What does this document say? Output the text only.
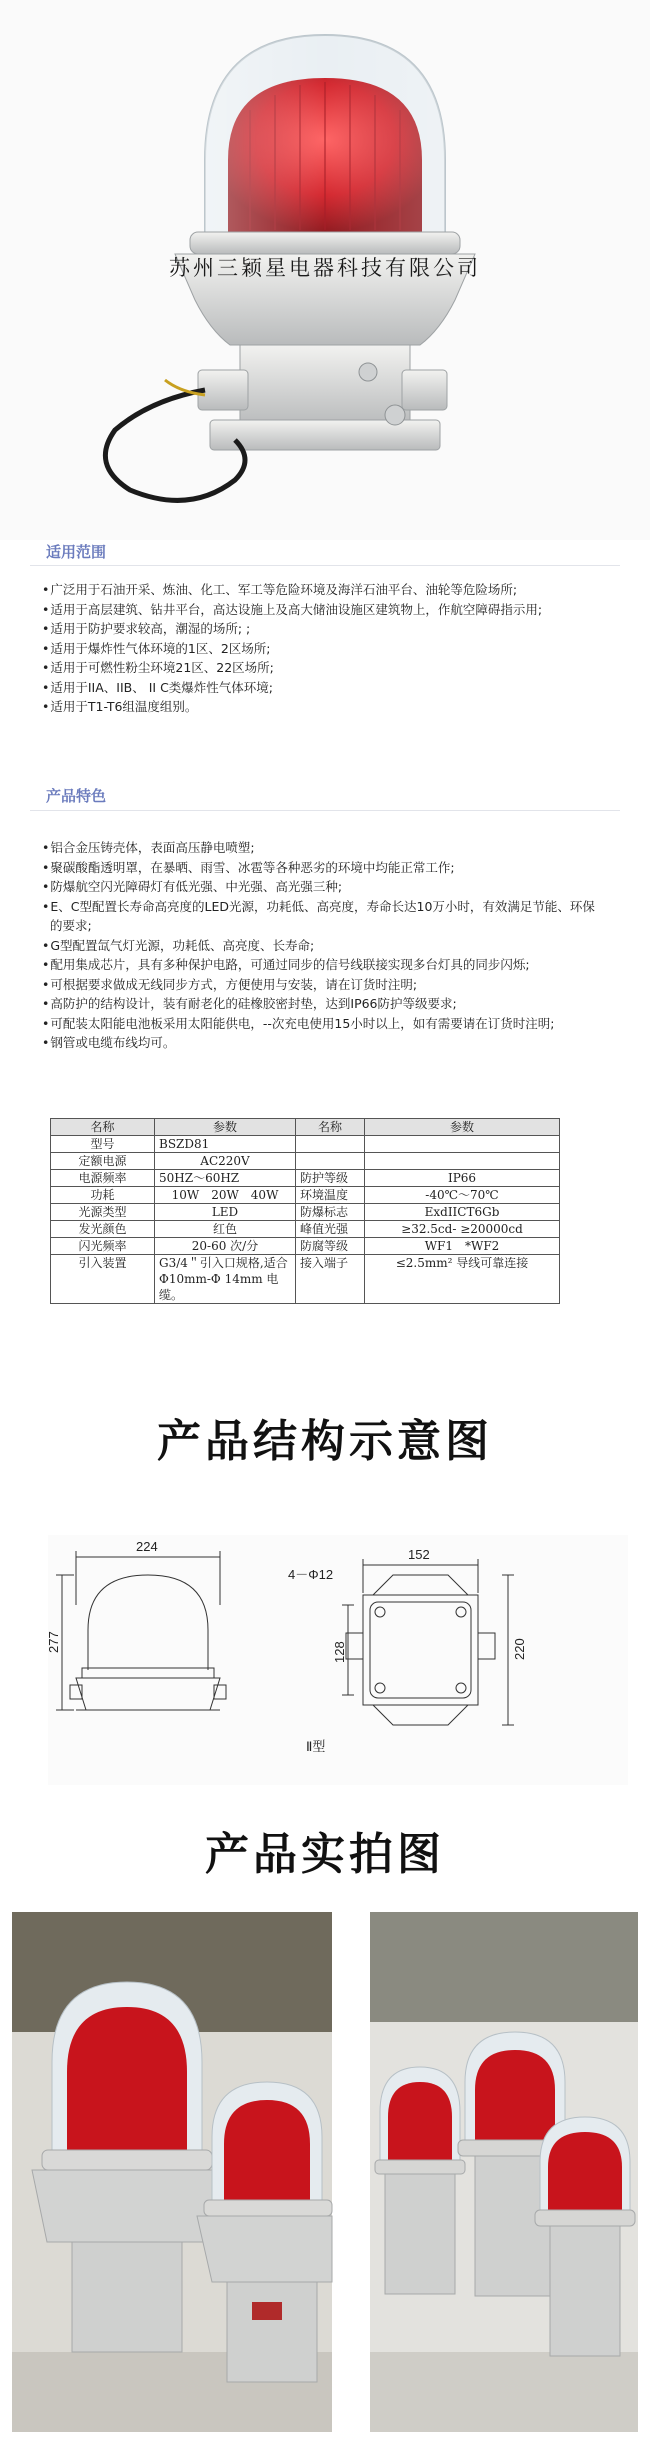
苏州三颖星电器科技有限公司
适用范围
• 广泛用于石油开采、炼油、化工、军工等危险环境及海洋石油平台、油轮等危险场所;
• 适用于高层建筑、钻井平台，高达设施上及高大储油设施区建筑物上，作航空障碍指示用;
• 适用于防护要求较高，潮湿的场所; ;
• 适用于爆炸性气体环境的1区、2区场所;
• 适用于可燃性粉尘环境21区、22区场所;
• 适用于IIA、IIB、 II C类爆炸性气体环境;
• 适用于T1-T6组温度组别。
产品特色
• 铝合金压铸壳体，表面高压静电喷塑;
• 聚碳酸酯透明罩，在暴晒、雨雪、冰雹等各种恶劣的环境中均能正常工作;
• 防爆航空闪光障碍灯有低光强、中光强、高光强三种;
• E、C型配置长寿命高亮度的LED光源，功耗低、高亮度，寿命长达10万小时，有效满足节能、环保的要求;
• G型配置氙气灯光源，功耗低、高亮度、长寿命;
• 配用集成芯片，具有多种保护电路，可通过同步的信号线联接实现多台灯具的同步闪烁;
• 可根据要求做成无线同步方式，方便使用与安装，请在订货时注明;
• 高防护的结构设计，装有耐老化的硅橡胶密封垫，达到IP66防护等级要求;
• 可配装太阳能电池板采用太阳能供电，--次充电使用15小时以上，如有需要请在订货时注明;
• 钢管或电缆布线均可。
名称	参数	名称	参数
型号	BSZD81		
定额电源	AC220V		
电源频率	50HZ～60HZ	防护等级	IP66
功耗	10W　20W　40W	环境温度	-40℃～70℃
光源类型	LED	防爆标志	ExdIICT6Gb
发光颜色	红色	峰值光强	≥32.5cd- ≥20000cd
闪光频率	20-60 次/分	防腐等级	WF1　*WF2
引入装置	G3/4＂引入口规格,适合Φ10mm-Φ 14mm 电缆。	接入端子	≤2.5mm² 导线可靠连接
产品结构示意图
224
277
4－Φ12
152
128	220
Ⅱ型
产品实拍图
